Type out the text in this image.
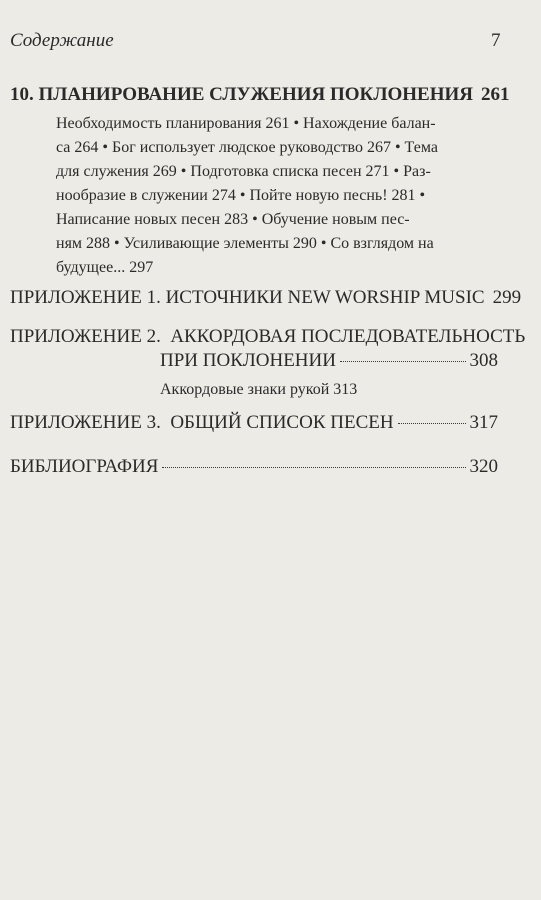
Содержание	7
10. ПЛАНИРОВАНИЕ СЛУЖЕНИЯ ПОКЛОНЕНИЯ 261
Необходимость планирования 261 • Нахождение балан-
са 264 • Бог использует людское руководство 267 • Тема
для служения 269 • Подготовка списка песен 271 • Раз-
нообразие в служении 274 • Пойте новую песнь! 281 •
Написание новых песен 283 • Обучение новым пес-
ням 288 • Усиливающие элементы 290 • Со взглядом на
будущее... 297
ПРИЛОЖЕНИЕ 1. ИСТОЧНИКИ NEW WORSHIP MUSIC 299
ПРИЛОЖЕНИЕ 2.  АККОРДОВАЯ ПОСЛЕДОВАТЕЛЬНОСТЬ
ПРИ ПОКЛОНЕНИИ	308
Аккордовые знаки рукой 313
ПРИЛОЖЕНИЕ 3.  ОБЩИЙ СПИСОК ПЕСЕН	317
БИБЛИОГРАФИЯ	320
